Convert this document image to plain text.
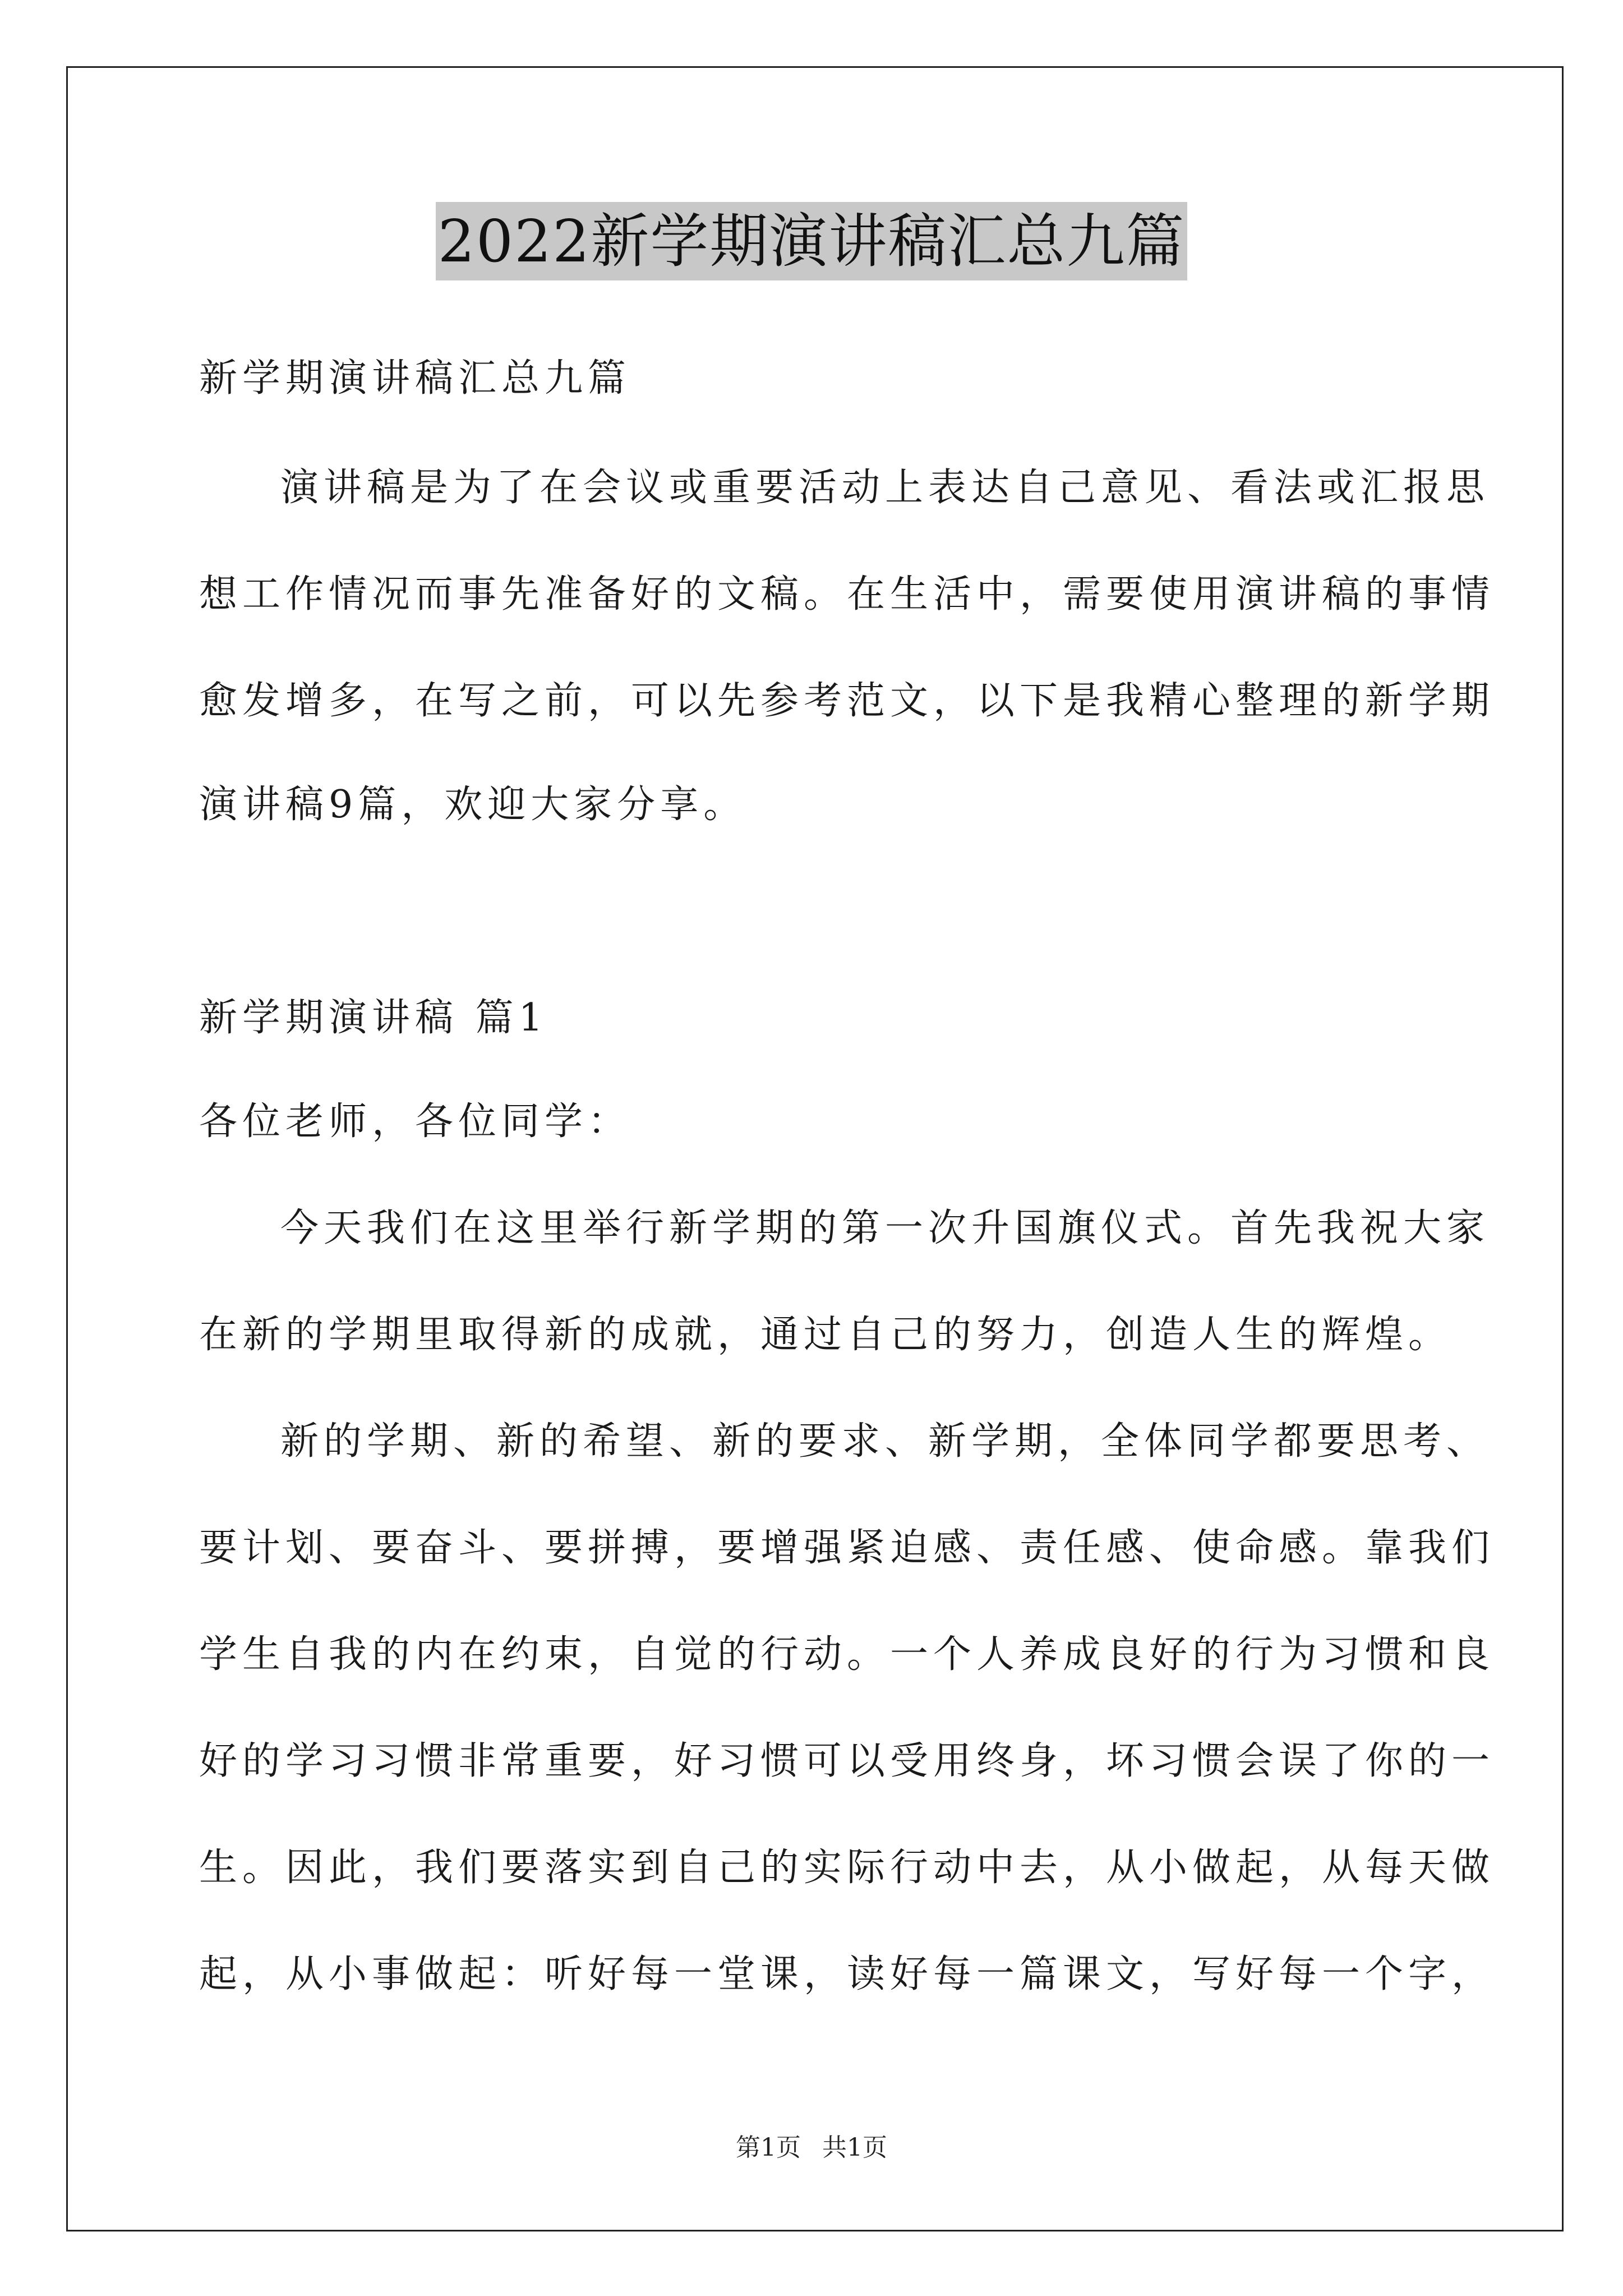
2022新学期演讲稿汇总九篇
新学期演讲稿汇总九篇
演讲稿是为了在会议或重要活动上表达自己意见、看法或汇报思
想工作情况而事先准备好的文稿。在生活中，需要使用演讲稿的事情
愈发增多，在写之前，可以先参考范文，以下是我精心整理的新学期
演讲稿9篇，欢迎大家分享。
新学期演讲稿 篇1
各位老师，各位同学：
今天我们在这里举行新学期的第一次升国旗仪式。首先我祝大家
在新的学期里取得新的成就，通过自己的努力，创造人生的辉煌。
新的学期、新的希望、新的要求、新学期，全体同学都要思考、
要计划、要奋斗、要拼搏，要增强紧迫感、责任感、使命感。靠我们
学生自我的内在约束，自觉的行动。一个人养成良好的行为习惯和良
好的学习习惯非常重要，好习惯可以受用终身，坏习惯会误了你的一
生。因此，我们要落实到自己的实际行动中去，从小做起，从每天做
起，从小事做起：听好每一堂课，读好每一篇课文，写好每一个字，
第1页 共1页
